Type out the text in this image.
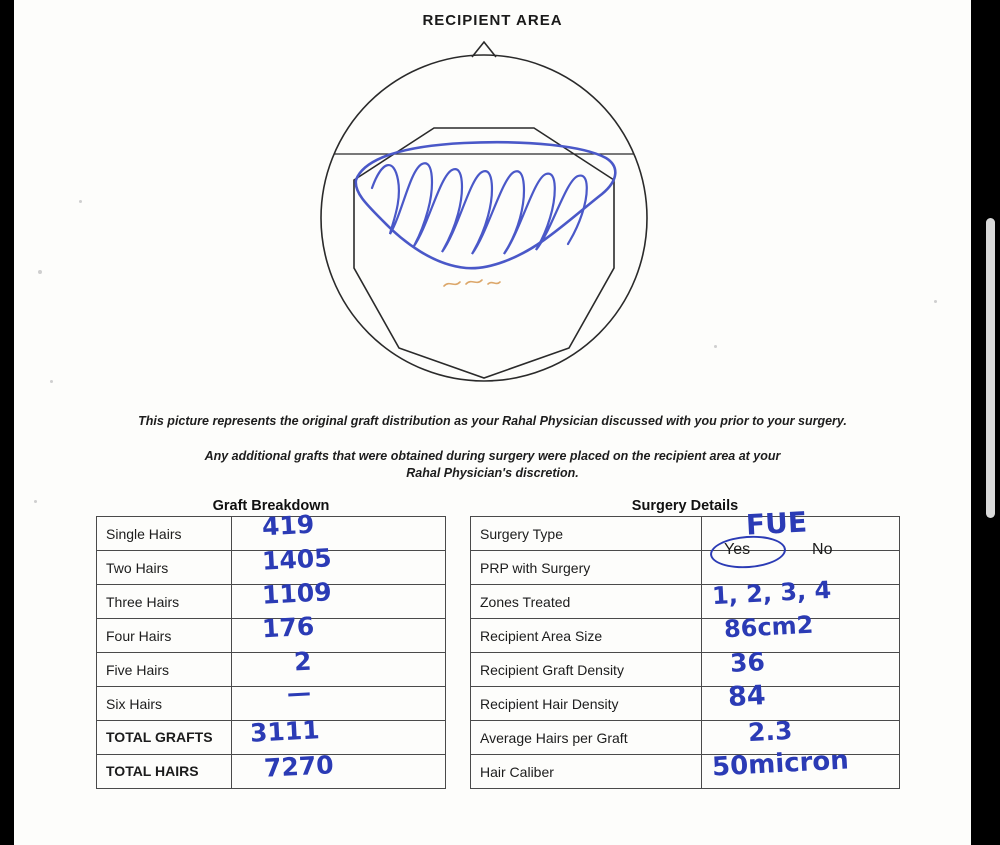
RECIPIENT AREA
This picture represents the original graft distribution as your Rahal Physician discussed with you prior to your surgery.
Any additional grafts that were obtained during surgery were placed on the recipient area at your
Rahal Physician's discretion.
Graft Breakdown
Single Hairs	419

Two Hairs	1405

Three Hairs	1109

Four Hairs	176

Five Hairs	2

Six Hairs	—

TOTAL GRAFTS	3111

TOTAL HAIRS	7270
Surgery Details
Surgery Type	FUE

PRP with Surgery	Yes No

Zones Treated	1, 2, 3, 4

Recipient Area Size	86cm2

Recipient Graft Density	36

Recipient Hair Density	84

Average Hairs per Graft	2.3

Hair Caliber	50micron
